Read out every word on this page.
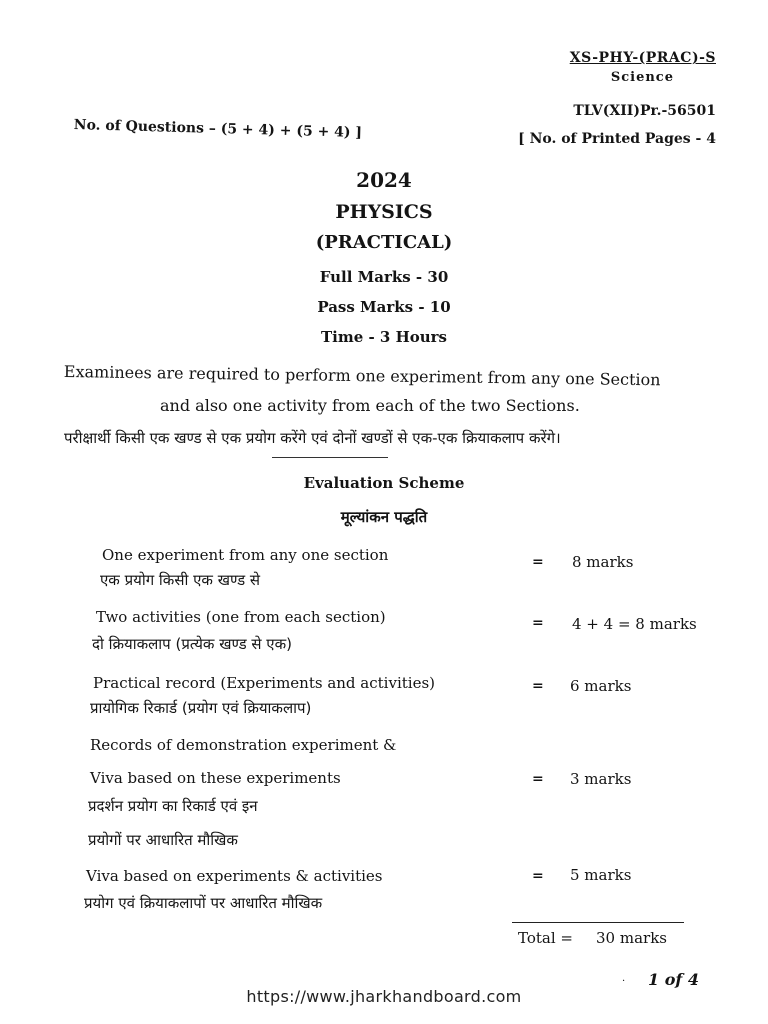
XS-PHY-(PRAC)-S
Science
TLV(XII)Pr.-56501
No. of Questions – (5 + 4) + (5 + 4) ]	[ No. of Printed Pages - 4
2024
PHYSICS
(PRACTICAL)
Full Marks - 30
Pass Marks - 10
Time - 3 Hours
Examinees are required to perform one experiment from any one Section
and also one activity from each of the two Sections.
परीक्षार्थी किसी एक खण्ड से एक प्रयोग करेंगे एवं दोनों खण्डों से एक-एक क्रियाकलाप करेंगे।
Evaluation Scheme
मूल्यांकन पद्धति
One experiment from any one section
एक प्रयोग किसी एक खण्ड से
= 8 marks
Two activities (one from each section)
दो क्रियाकलाप (प्रत्येक खण्ड से एक)
= 4 + 4 = 8 marks
Practical record (Experiments and activities)
प्रायोगिक रिकार्ड (प्रयोग एवं क्रियाकलाप)
= 6 marks
Records of demonstration experiment &
Viva based on these experiments
प्रदर्शन प्रयोग का रिकार्ड एवं इन
प्रयोगों पर आधारित मौखिक
= 3 marks
Viva based on experiments & activities
प्रयोग एवं क्रियाकलापों पर आधारित मौखिक
= 5 marks
Total = 30 marks
· 1 of 4
https://www.jharkhandboard.com
